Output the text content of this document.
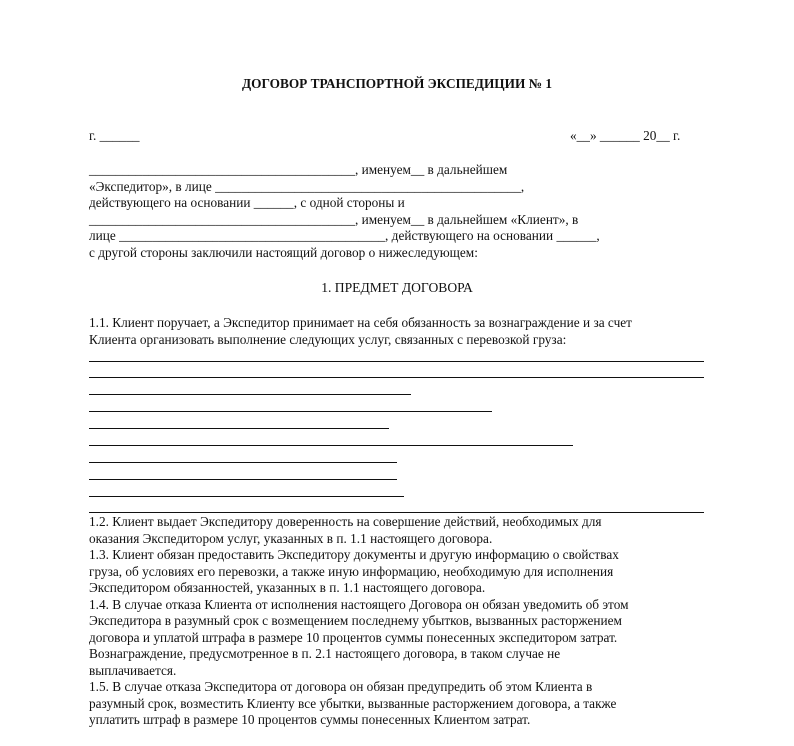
ДОГОВОР ТРАНСПОРТНОЙ ЭКСПЕДИЦИИ № 1
г. ______	«__» ______ 20__ г.
________________________________________, именуем__ в дальнейшем
«Экспедитор», в лице ______________________________________________,
действующего на основании ______, с одной стороны и
________________________________________, именуем__ в дальнейшем «Клиент», в
лице ________________________________________, действующего на основании ______,
с другой стороны заключили настоящий договор о нижеследующем:
1. ПРЕДМЕТ ДОГОВОРА
1.1. Клиент поручает, а Экспедитор принимает на себя обязанность за вознаграждение и за счет
Клиента организовать выполнение следующих услуг, связанных с перевозкой груза:
1.2. Клиент выдает Экспедитору доверенность на совершение действий, необходимых для
оказания Экспедитором услуг, указанных в п. 1.1 настоящего договора.
1.3. Клиент обязан предоставить Экспедитору документы и другую информацию о свойствах
груза, об условиях его перевозки, а также иную информацию, необходимую для исполнения
Экспедитором обязанностей, указанных в п. 1.1 настоящего договора.
1.4. В случае отказа Клиента от исполнения настоящего Договора он обязан уведомить об этом
Экспедитора в разумный срок с возмещением последнему убытков, вызванных расторжением
договора и уплатой штрафа в размере 10 процентов суммы понесенных экспедитором затрат.
Вознаграждение, предусмотренное в п. 2.1 настоящего договора, в таком случае не
выплачивается.
1.5. В случае отказа Экспедитора от договора он обязан предупредить об этом Клиента в
разумный срок, возместить Клиенту все убытки, вызванные расторжением договора, а также
уплатить штраф в размере 10 процентов суммы понесенных Клиентом затрат.
